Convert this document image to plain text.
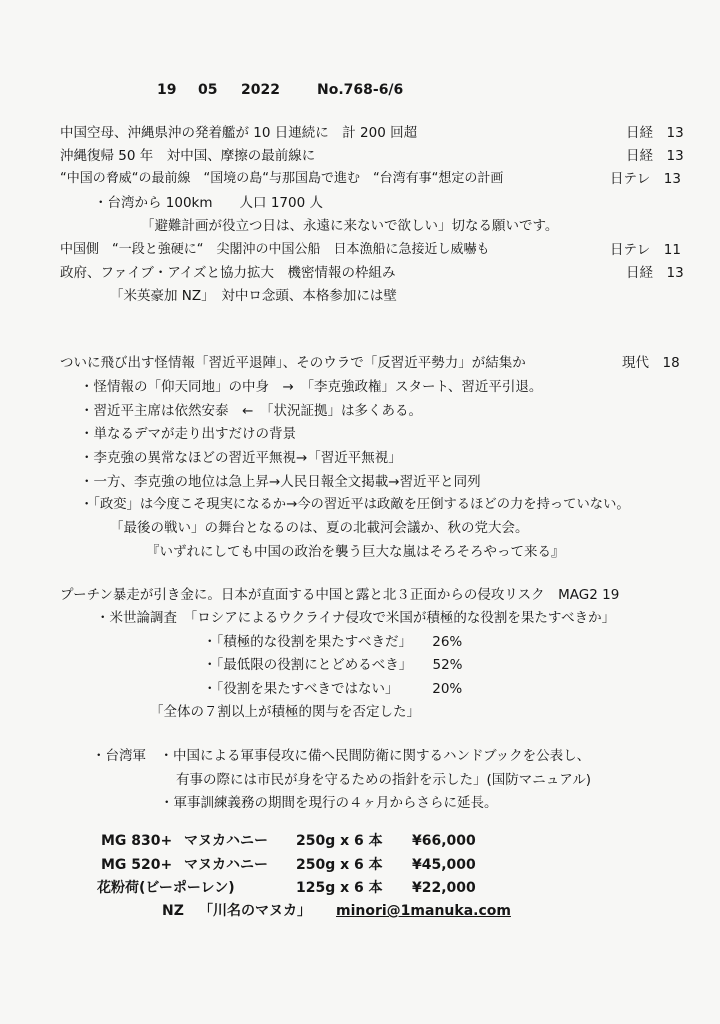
19 05 2022	No.768-6/6
中国空母、沖縄県沖の発着艦が 10 日連続に　計 200 回超	日経　13
沖縄復帰 50 年　対中国、摩擦の最前線に	日経　13
“中国の脅威“の最前線　“国境の島“与那国島で進む　“台湾有事“想定の計画	日テレ　13
・台湾から 100km　　人口 1700 人
「避難計画が役立つ日は、永遠に来ないで欲しい」切なる願いです。
中国側　“一段と強硬に“　尖閣沖の中国公船　日本漁船に急接近し威嚇も	日テレ　11
政府、ファイブ・アイズと協力拡大　機密情報の枠組み	日経　13
「米英豪加 NZ」　対中ロ念頭、本格参加には壁
ついに飛び出す怪情報「習近平退陣」、そのウラで「反習近平勢力」が結集か	現代　18
・怪情報の「仰天同地」の中身　→　「李克強政権」スタート、習近平引退。
・習近平主席は依然安泰　←　「状況証拠」は多くある。
・単なるデマが走り出すだけの背景
・李克強の異常なほどの習近平無視→「習近平無視」
・一方、李克強の地位は急上昇→人民日報全文掲載→習近平と同列
・「政変」は今度こそ現実になるか→今の習近平は政敵を圧倒するほどの力を持っていない。
「最後の戦い」の舞台となるのは、夏の北載河会議か、秋の党大会。
『いずれにしても中国の政治を襲う巨大な嵐はそろそろやって来る』
プーチン暴走が引き金に。日本が直面する中国と露と北３正面からの侵攻リスク　MAG2 19
・米世論調査　「ロシアによるウクライナ侵攻で米国が積極的な役割を果たすべきか」
・「積極的な役割を果たすべきだ」　　26%
・「最低限の役割にとどめるべき」　　52%
・「役割を果たすべきではない」　　　20%
「全体の７割以上が積極的関与を否定した」
・台湾軍　・中国による軍事侵攻に備へ民間防衛に関するハンドブックを公表し、
有事の際には市民が身を守るための指針を示した」(国防マニュアル)
・軍事訓練義務の期間を現行の４ヶ月からさらに延長。
MG 830+ マヌカハニー 250g x 6 本 ¥66,000
MG 520+ マヌカハニー 250g x 6 本 ¥45,000
花粉荷(ビーポーレン)	125g x 6 本 ¥22,000
NZ 「川名のマヌカ」 minori@1manuka.com
